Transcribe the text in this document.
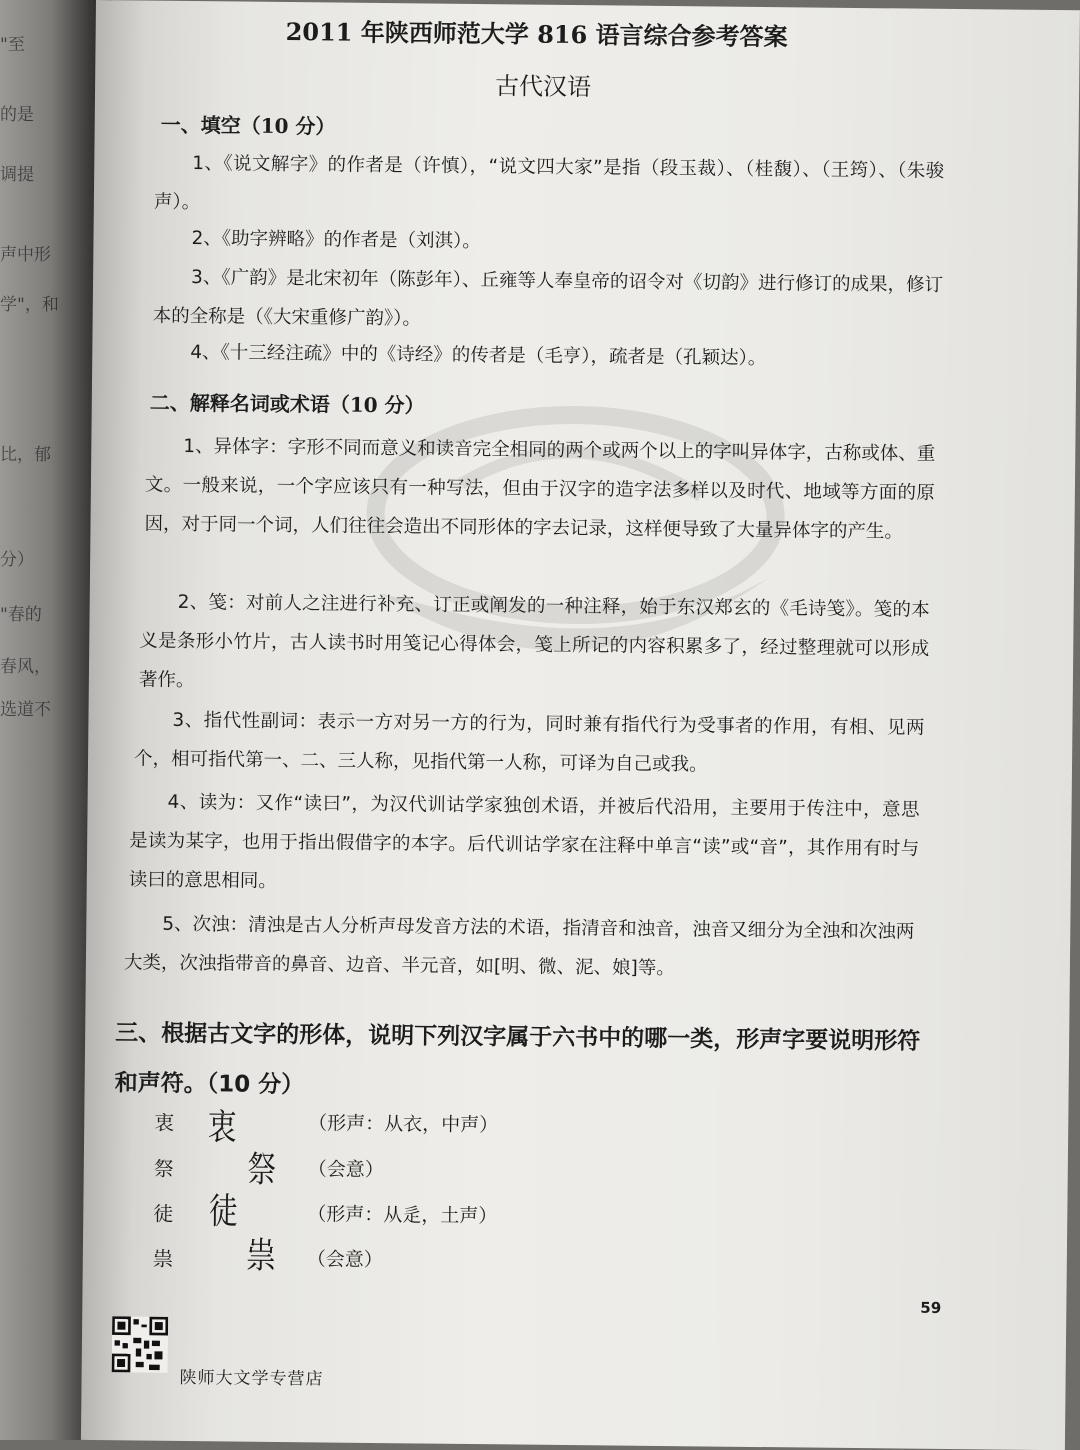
"至
的是
调提
声中形
学"，和
比，郁
分）
"春的
春风，
选道不
2011 年陕西师范大学 816 语言综合参考答案
古代汉语
一、填空（10 分）
1、《说文解字》的作者是（许慎），“说文四大家”是指（段玉裁）、（桂馥）、（王筠）、（朱骏声）。
2、《助字辨略》的作者是（刘淇）。
3、《广韵》是北宋初年（陈彭年）、丘雍等人奉皇帝的诏令对《切韵》进行修订的成果，修订本的全称是（《大宋重修广韵》）。
4、《十三经注疏》中的《诗经》的传者是（毛亨），疏者是（孔颖达）。
二、解释名词或术语（10 分）
1、异体字：字形不同而意义和读音完全相同的两个或两个以上的字叫异体字，古称或体、重文。一般来说，一个字应该只有一种写法，但由于汉字的造字法多样以及时代、地域等方面的原因，对于同一个词，人们往往会造出不同形体的字去记录，这样便导致了大量异体字的产生。
2、笺：对前人之注进行补充、订正或阐发的一种注释，始于东汉郑玄的《毛诗笺》。笺的本义是条形小竹片，古人读书时用笺记心得体会，笺上所记的内容积累多了，经过整理就可以形成著作。
3、指代性副词：表示一方对另一方的行为，同时兼有指代行为受事者的作用，有相、见两个，相可指代第一、二、三人称，见指代第一人称，可译为自己或我。
4、读为：又作“读曰”，为汉代训诂学家独创术语，并被后代沿用，主要用于传注中，意思是读为某字，也用于指出假借字的本字。后代训诂学家在注释中单言“读”或“音”，其作用有时与读曰的意思相同。
5、次浊：清浊是古人分析声母发音方法的术语，指清音和浊音，浊音又细分为全浊和次浊两大类，次浊指带音的鼻音、边音、半元音，如[明、微、泥、娘]等。
三、根据古文字的形体，说明下列汉字属于六书中的哪一类，形声字要说明形符和声符。（10 分）
衷 衷	（形声：从衣，中声）
祭	祭 （会意）
徒 徒	（形声：从辵，土声）
祟	祟 （会意）
59
陕师大文学专营店
